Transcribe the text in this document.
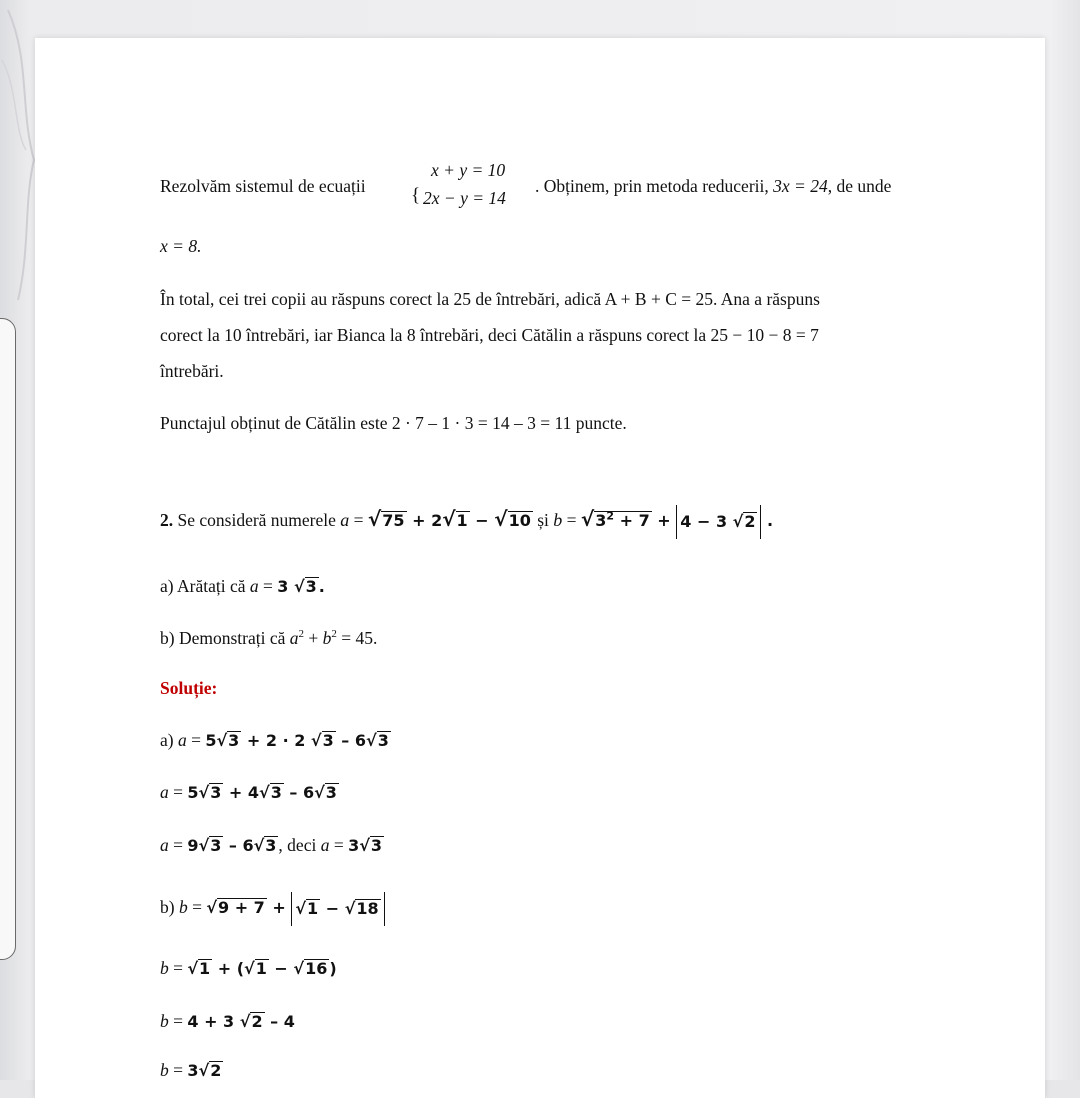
Rezolvăm sistemul de ecuații
x + y = 10
{ 2x − y = 14
. Obținem, prin metoda reducerii, 3x = 24, de unde
x = 8.
În total, cei trei copii au răspuns corect la 25 de întrebări, adică A + B + C = 25. Ana a răspuns
corect la 10 întrebări, iar Bianca la 8 întrebări, deci Cătălin a răspuns corect la 25 − 10 − 8 = 7
întrebări.
Punctajul obținut de Cătălin este 2 · 7 – 1 · 3 = 14 – 3 = 11 puncte.
2. Se consideră numerele a = √75 + 2√1 − √10 și $b = √3^2 + 7 + 4 - 3$ √2 .
a) Arătați că a = 3 √3 .
b) Demonstrați că $a^2 + b^2 = 45$.
Soluție:
a) a = 5√3 + 2 · 2 √3 – 6√3
a = 5√3 + 4√3 – 6√3
a = 9√3 – 6√3 , deci a = 3√3
b) b = √9 + 7 + √1 − √18
b = √1 + (√1 − √16 )
b = 4 + 3 √2 – 4
b = 3√2
